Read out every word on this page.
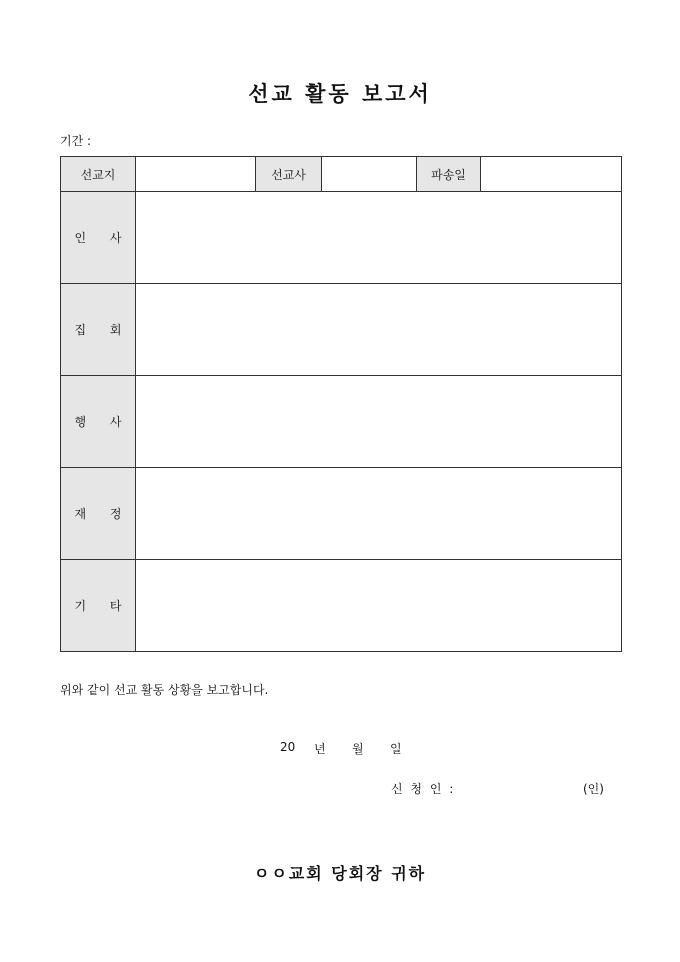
선교 활동 보고서
기간 :
선교지		선교사		파송일	
인 사					
집 회					
행 사					
재 정					
기 타					
위와 같이 선교 활동 상황을 보고합니다.
20	년	월	일
신 청 인 :	(인)
ㅇㅇ교회 당회장 귀하
